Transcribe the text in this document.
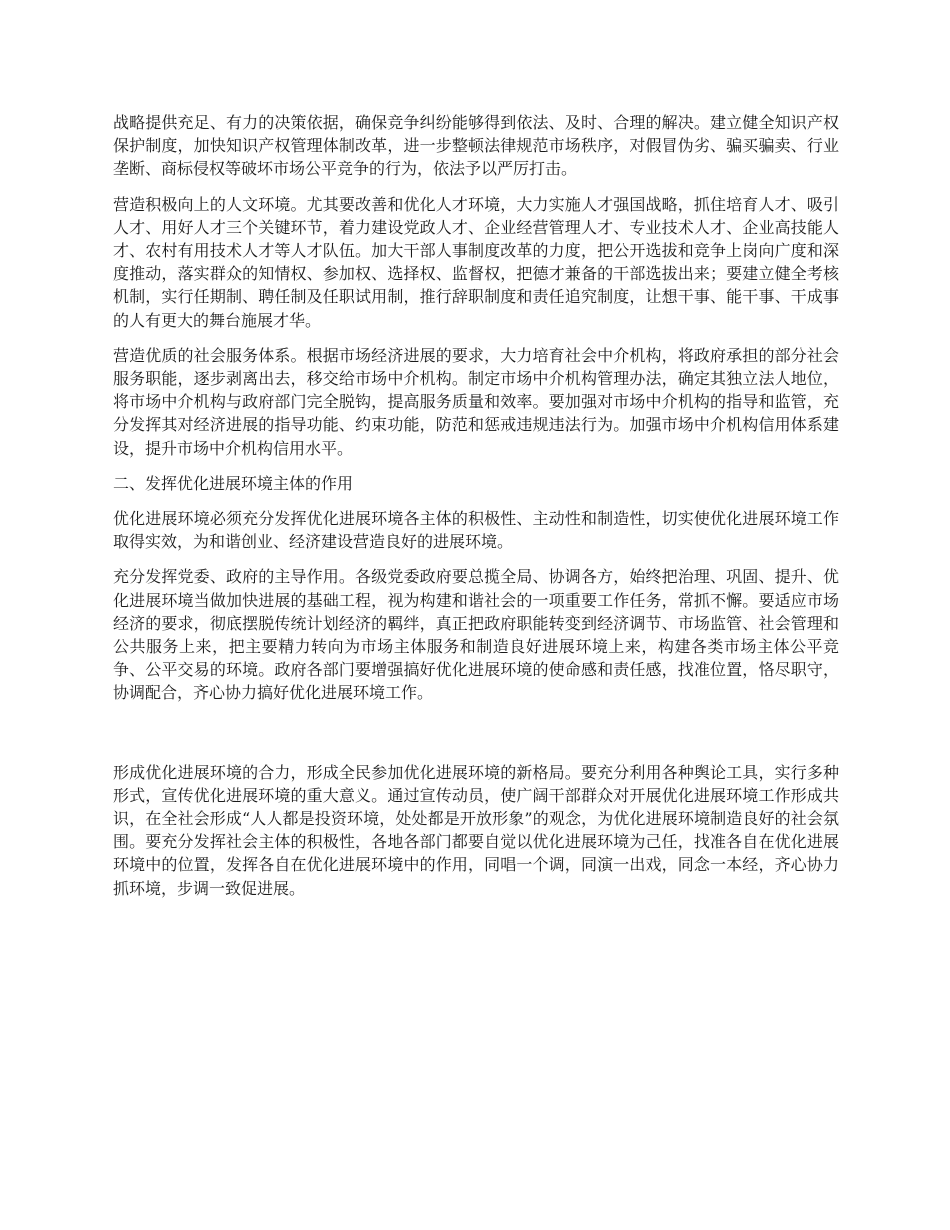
战略提供充足、有力的决策依据，确保竞争纠纷能够得到依法、及时、合理的解决。建立健全知识产权保护制度，加快知识产权管理体制改革，进一步整顿法律规范市场秩序，对假冒伪劣、骗买骗卖、行业垄断、商标侵权等破坏市场公平竞争的行为，依法予以严厉打击。

营造积极向上的人文环境。尤其要改善和优化人才环境，大力实施人才强国战略，抓住培育人才、吸引人才、用好人才三个关键环节，着力建设党政人才、企业经营管理人才、专业技术人才、企业高技能人才、农村有用技术人才等人才队伍。加大干部人事制度改革的力度，把公开选拔和竞争上岗向广度和深度推动，落实群众的知情权、参加权、选择权、监督权，把德才兼备的干部选拔出来；要建立健全考核机制，实行任期制、聘任制及任职试用制，推行辞职制度和责任追究制度，让想干事、能干事、干成事的人有更大的舞台施展才华。

营造优质的社会服务体系。根据市场经济进展的要求，大力培育社会中介机构，将政府承担的部分社会服务职能，逐步剥离出去，移交给市场中介机构。制定市场中介机构管理办法，确定其独立法人地位，将市场中介机构与政府部门完全脱钩，提高服务质量和效率。要加强对市场中介机构的指导和监管，充分发挥其对经济进展的指导功能、约束功能，防范和惩戒违规违法行为。加强市场中介机构信用体系建设，提升市场中介机构信用水平。

二、发挥优化进展环境主体的作用

优化进展环境必须充分发挥优化进展环境各主体的积极性、主动性和制造性，切实使优化进展环境工作取得实效，为和谐创业、经济建设营造良好的进展环境。

充分发挥党委、政府的主导作用。各级党委政府要总揽全局、协调各方，始终把治理、巩固、提升、优化进展环境当做加快进展的基础工程，视为构建和谐社会的一项重要工作任务，常抓不懈。要适应市场经济的要求，彻底摆脱传统计划经济的羁绊，真正把政府职能转变到经济调节、市场监管、社会管理和公共服务上来，把主要精力转向为市场主体服务和制造良好进展环境上来，构建各类市场主体公平竞争、公平交易的环境。政府各部门要增强搞好优化进展环境的使命感和责任感，找准位置，恪尽职守，协调配合，齐心协力搞好优化进展环境工作。

形成优化进展环境的合力，形成全民参加优化进展环境的新格局。要充分利用各种舆论工具，实行多种形式，宣传优化进展环境的重大意义。通过宣传动员，使广阔干部群众对开展优化进展环境工作形成共识，在全社会形成“人人都是投资环境，处处都是开放形象”的观念，为优化进展环境制造良好的社会氛围。要充分发挥社会主体的积极性，各地各部门都要自觉以优化进展环境为己任，找准各自在优化进展环境中的位置，发挥各自在优化进展环境中的作用，同唱一个调，同演一出戏，同念一本经，齐心协力抓环境，步调一致促进展。
